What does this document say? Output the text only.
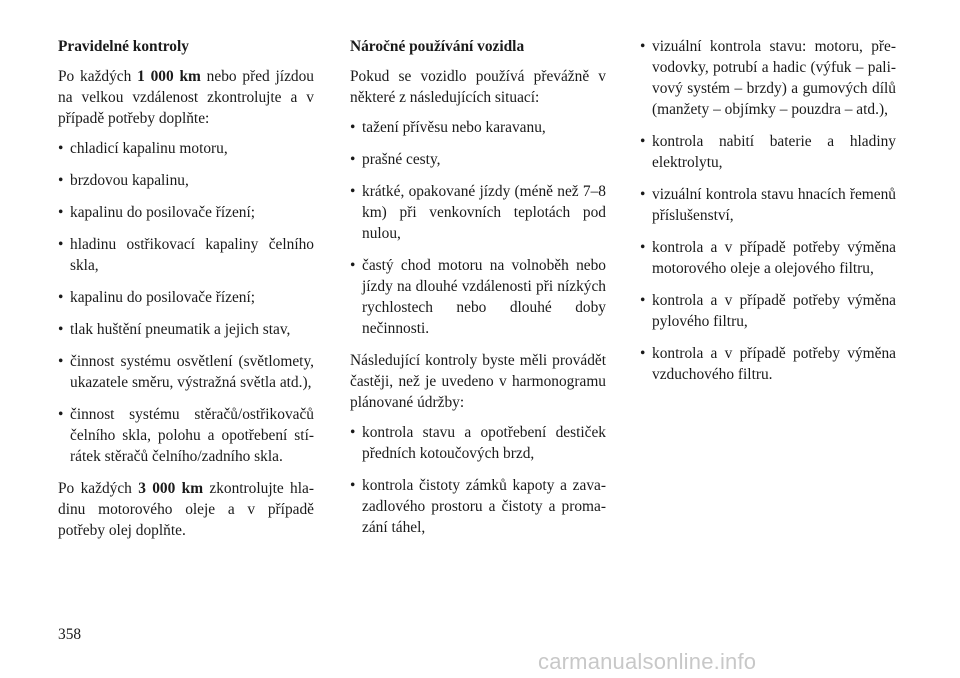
Pravidelné kontroly

Po každých 1 000 km nebo před jízdou na velkou vzdálenost zkontrolujte a v případě potřeby doplňte:

• chladicí kapalinu motoru,
• brzdovou kapalinu,
• kapalinu do posilovače řízení;
• hladinu ostřikovací kapaliny čelního skla,
• kapalinu do posilovače řízení;
• tlak huštění pneumatik a jejich stav,
• činnost systému osvětlení (světlomety, ukazatele směru, výstražná světla atd.),
• činnost systému stěračů/ostřikovačů čelního skla, polohu a opotřebení stírátek stěračů čelního/zadního skla.

Po každých 3 000 km zkontrolujte hladinu motorového oleje a v případě potřeby olej doplňte.

Náročné používání vozidla

Pokud se vozidlo používá převážně v některé z následujících situací:

• tažení přívěsu nebo karavanu,
• prašné cesty,
• krátké, opakované jízdy (méně než 7–8 km) při venkovních teplotách pod nulou,
• častý chod motoru na volnoběh nebo jízdy na dlouhé vzdálenosti při nízkých rychlostech nebo dlouhé doby nečinnosti.

Následující kontroly byste měli provádět častěji, než je uvedeno v harmonogramu plánované údržby:

• kontrola stavu a opotřebení destiček předních kotoučových brzd,
• kontrola čistoty zámků kapoty a zavazadlového prostoru a čistoty a promazání táhel,
• vizuální kontrola stavu: motoru, převodovky, potrubí a hadic (výfuk – palivový systém – brzdy) a gumových dílů (manžety – objímky – pouzdra – atd.),
• kontrola nabití baterie a hladiny elektrolytu,
• vizuální kontrola stavu hnacích řemenů příslušenství,
• kontrola a v případě potřeby výměna motorového oleje a olejového filtru,
• kontrola a v případě potřeby výměna pylového filtru,
• kontrola a v případě potřeby výměna vzduchového filtru.
358
carmanualsonline.info
